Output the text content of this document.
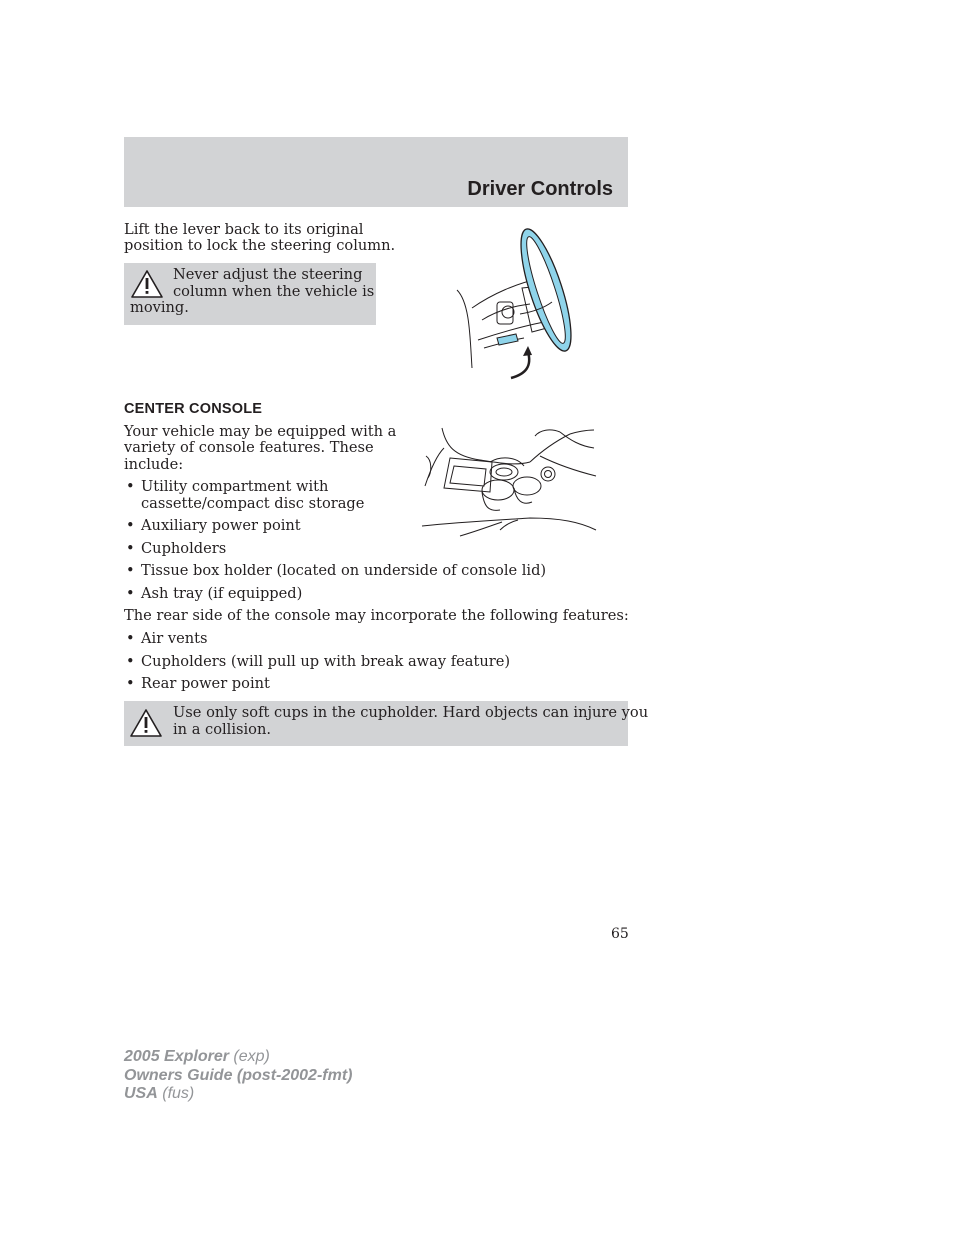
Driver Controls

Lift the lever back to its original

position to lock the steering column.

Never adjust the steering

column when the vehicle is

moving.

CENTER CONSOLE

Your vehicle may be equipped with a

variety of console features. These

include:

• Utility compartment with
cassette/compact disc storage
• Auxiliary power point
• Cupholders
• Tissue box holder (located on underside of console lid)
• Ash tray (if equipped)

The rear side of the console may incorporate the following features:

• Air vents
• Cupholders (will pull up with break away feature)
• Rear power point

Use only soft cups in the cupholder. Hard objects can injure you

in a collision.

65
2005 Explorer (exp)
Owners Guide (post-2002-fmt)
USA (fus)
